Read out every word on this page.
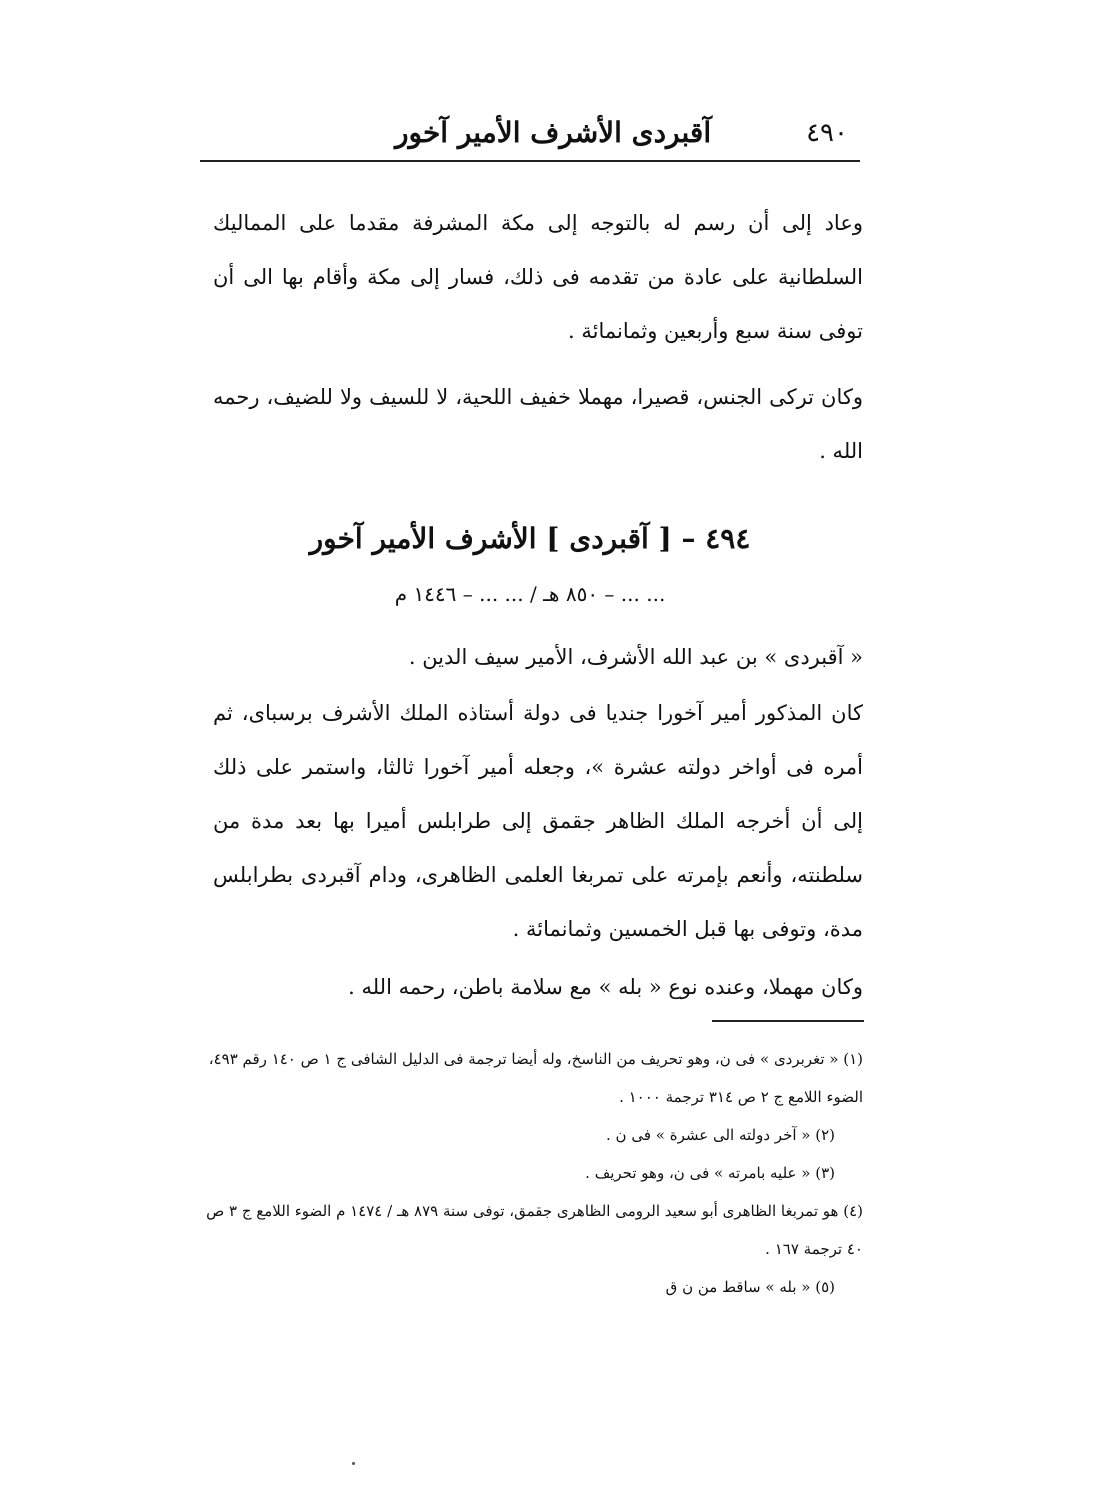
آقبردى الأشرف الأمير آخور	٤٩٠
وعاد إلى أن رسم له بالتوجه إلى مكة المشرفة مقدما على المماليك السلطانية على عادة من تقدمه فى ذلك، فسار إلى مكة وأقام بها الى أن توفى سنة سبع وأربعين وثمانمائة .
وكان تركى الجنس، قصيرا، مهملا خفيف اللحية، لا للسيف ولا للضيف، رحمه الله .
٤٩٤ – [ آقبردى ] الأشرف الأمير آخور
... ... – ٨٥٠ هـ / ... ... – ١٤٤٦ م
« آقبردى » بن عبد الله الأشرف، الأمير سيف الدين .
كان المذكور أمير آخورا جنديا فى دولة أستاذه الملك الأشرف برسباى، ثم أمره فى أواخر دولته عشرة »، وجعله أمير آخورا ثالثا، واستمر على ذلك إلى أن أخرجه الملك الظاهر جقمق إلى طرابلس أميرا بها بعد مدة من سلطنته، وأنعم بإمرته على تمربغا العلمى الظاهرى، ودام آقبردى بطرابلس مدة، وتوفى بها قبل الخمسين وثمانمائة .
وكان مهملا، وعنده نوع « بله » مع سلامة باطن، رحمه الله .

(١) « تغربردى » فى ن، وهو تحريف من الناسخ، وله أيضا ترجمة فى الدليل الشافى ج ١ ص ١٤٠ رقم ٤٩٣، الضوء اللامع ج ٢ ص ٣١٤ ترجمة ١٠٠٠ .

(٢) « آخر دولته الى عشرة » فى ن .

(٣) « عليه بامرته » فى ن، وهو تحريف .

(٤) هو تمربغا الظاهرى أبو سعيد الرومى الظاهرى جقمق، توفى سنة ٨٧٩ هـ / ١٤٧٤ م الضوء اللامع ج ٣ ص ٤٠ ترجمة ١٦٧ .

(٥) « بله » ساقط من ن ق
